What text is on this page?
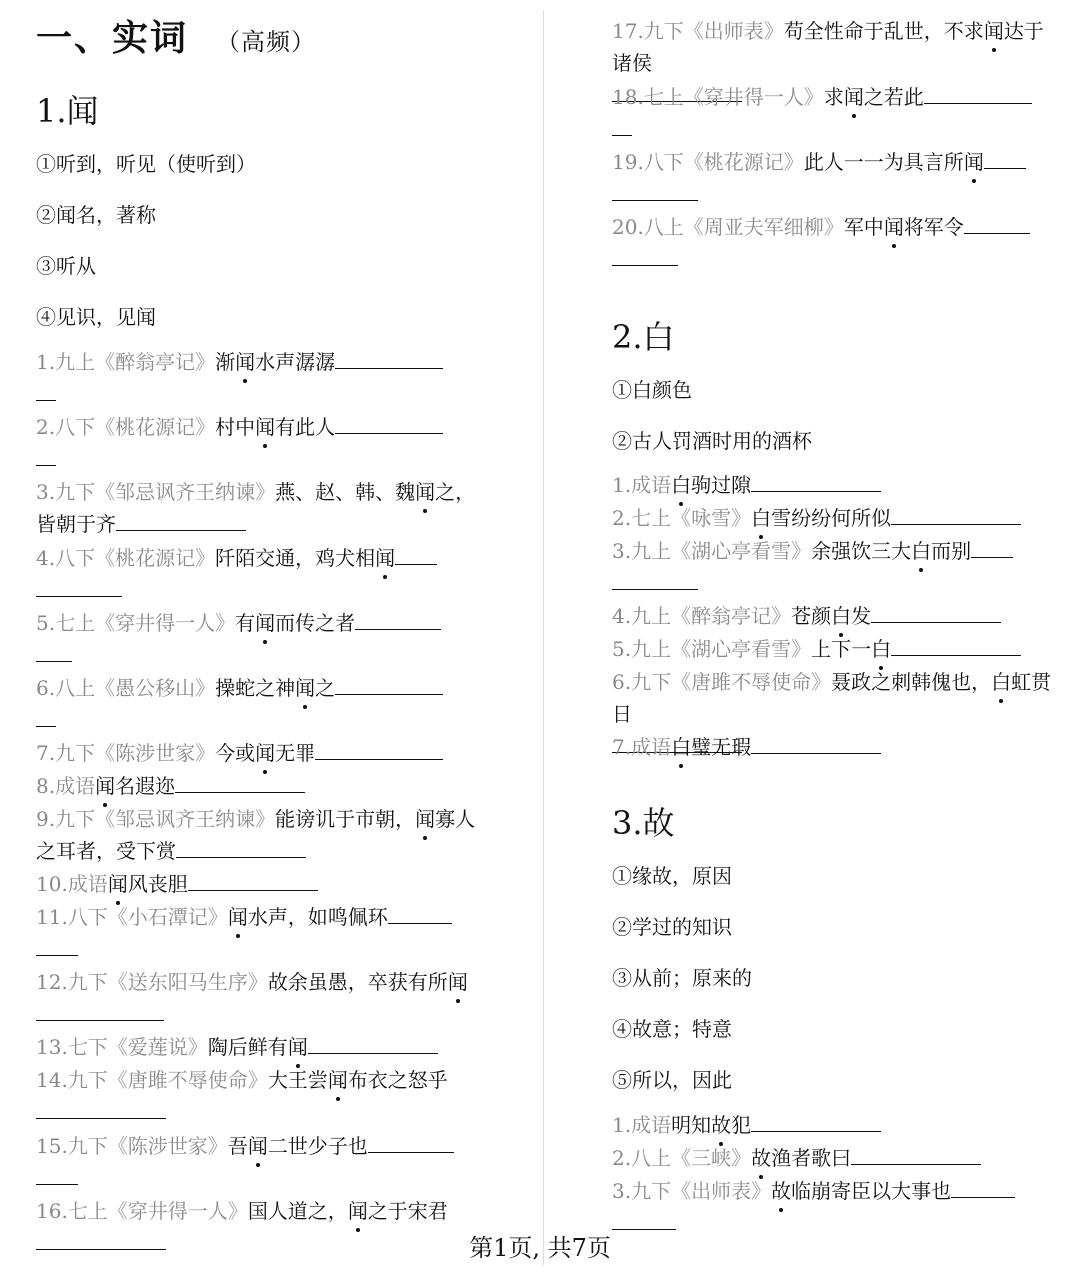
一、实词 （高频）
1.闻
①听到，听见（使听到）
②闻名，著称
③听从
④见识，见闻
1.九上《醉翁亭记》渐闻水声潺潺

2.八下《桃花源记》村中闻有此人

3.九下《邹忌讽齐王纳谏》燕、赵、韩、魏闻之，皆朝于齐
4.八下《桃花源记》阡陌交通，鸡犬相闻

5.七上《穿井得一人》有闻而传之者

6.八上《愚公移山》操蛇之神闻之

7.九下《陈涉世家》今或闻无罪
8.成语闻名遐迩
9.九下《邹忌讽齐王纳谏》能谤讥于市朝，闻寡人之耳者，受下赏
10.成语闻风丧胆
11.八下《小石潭记》闻水声，如鸣佩环

12.九下《送东阳马生序》故余虽愚，卒获有所闻

13.七下《爱莲说》陶后鲜有闻
14.九下《唐雎不辱使命》大王尝闻布衣之怒乎

15.九下《陈涉世家》吾闻二世少子也

16.七上《穿井得一人》国人道之，闻之于宋君

17.九下《出师表》苟全性命于乱世，不求闻达于诸侯

18.七上《穿井得一人》求闻之若此

19.八下《桃花源记》此人一一为具言所闻

20.八上《周亚夫军细柳》军中闻将军令

2.白
①白颜色
②古人罚酒时用的酒杯
1.成语白驹过隙
2.七上《咏雪》白雪纷纷何所似
3.九上《湖心亭看雪》余强饮三大白而别

4.九上《醉翁亭记》苍颜白发
5.九上《湖心亭看雪》上下一白
6.九下《唐雎不辱使命》聂政之刺韩傀也，白虹贯日

7.成语白璧无瑕
3.故
①缘故，原因
②学过的知识
③从前；原来的
④故意；特意
⑤所以，因此
1.成语明知故犯
2.八上《三峡》故渔者歌曰
3.九下《出师表》故临崩寄臣以大事也

第1页, 共7页
